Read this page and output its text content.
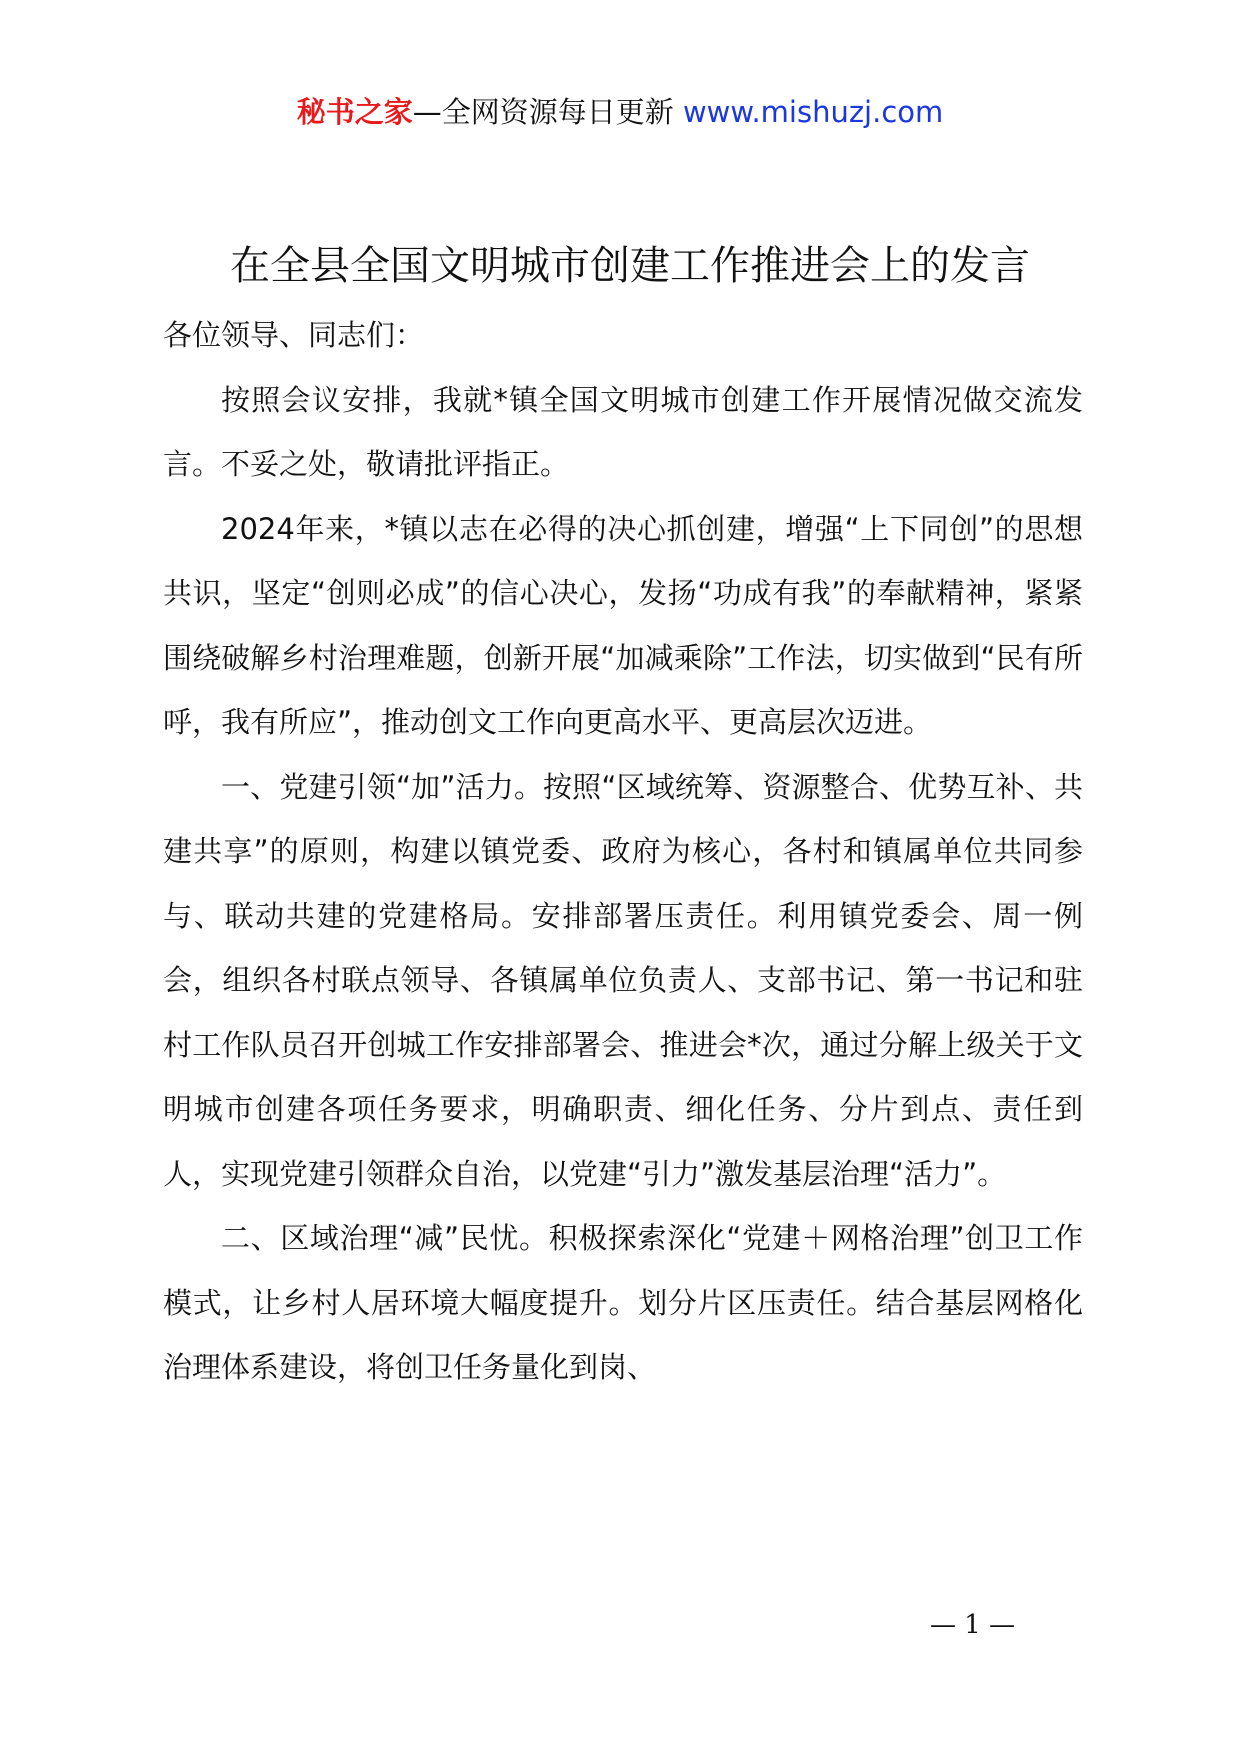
秘书之家—全网资源每日更新 www.mishuzj.com
在全县全国文明城市创建工作推进会上的发言

各位领导、同志们：

按照会议安排，我就*镇全国文明城市创建工作开展情况做交流发言。不妥之处，敬请批评指正。

2024年来，*镇以志在必得的决心抓创建，增强“上下同创”的思想共识，坚定“创则必成”的信心决心，发扬“功成有我”的奉献精神，紧紧围绕破解乡村治理难题，创新开展“加减乘除”工作法，切实做到“民有所呼，我有所应”，推动创文工作向更高水平、更高层次迈进。

一、党建引领“加”活力。按照“区域统筹、资源整合、优势互补、共建共享”的原则，构建以镇党委、政府为核心，各村和镇属单位共同参与、联动共建的党建格局。安排部署压责任。利用镇党委会、周一例会，组织各村联点领导、各镇属单位负责人、支部书记、第一书记和驻村工作队员召开创城工作安排部署会、推进会*次，通过分解上级关于文明城市创建各项任务要求，明确职责、细化任务、分片到点、责任到人，实现党建引领群众自治，以党建“引力”激发基层治理“活力”。

二、区域治理“减”民忧。积极探索深化“党建＋网格治理”创卫工作模式，让乡村人居环境大幅度提升。划分片区压责任。结合基层网格化治理体系建设，将创卫任务量化到岗、

— 1 —
